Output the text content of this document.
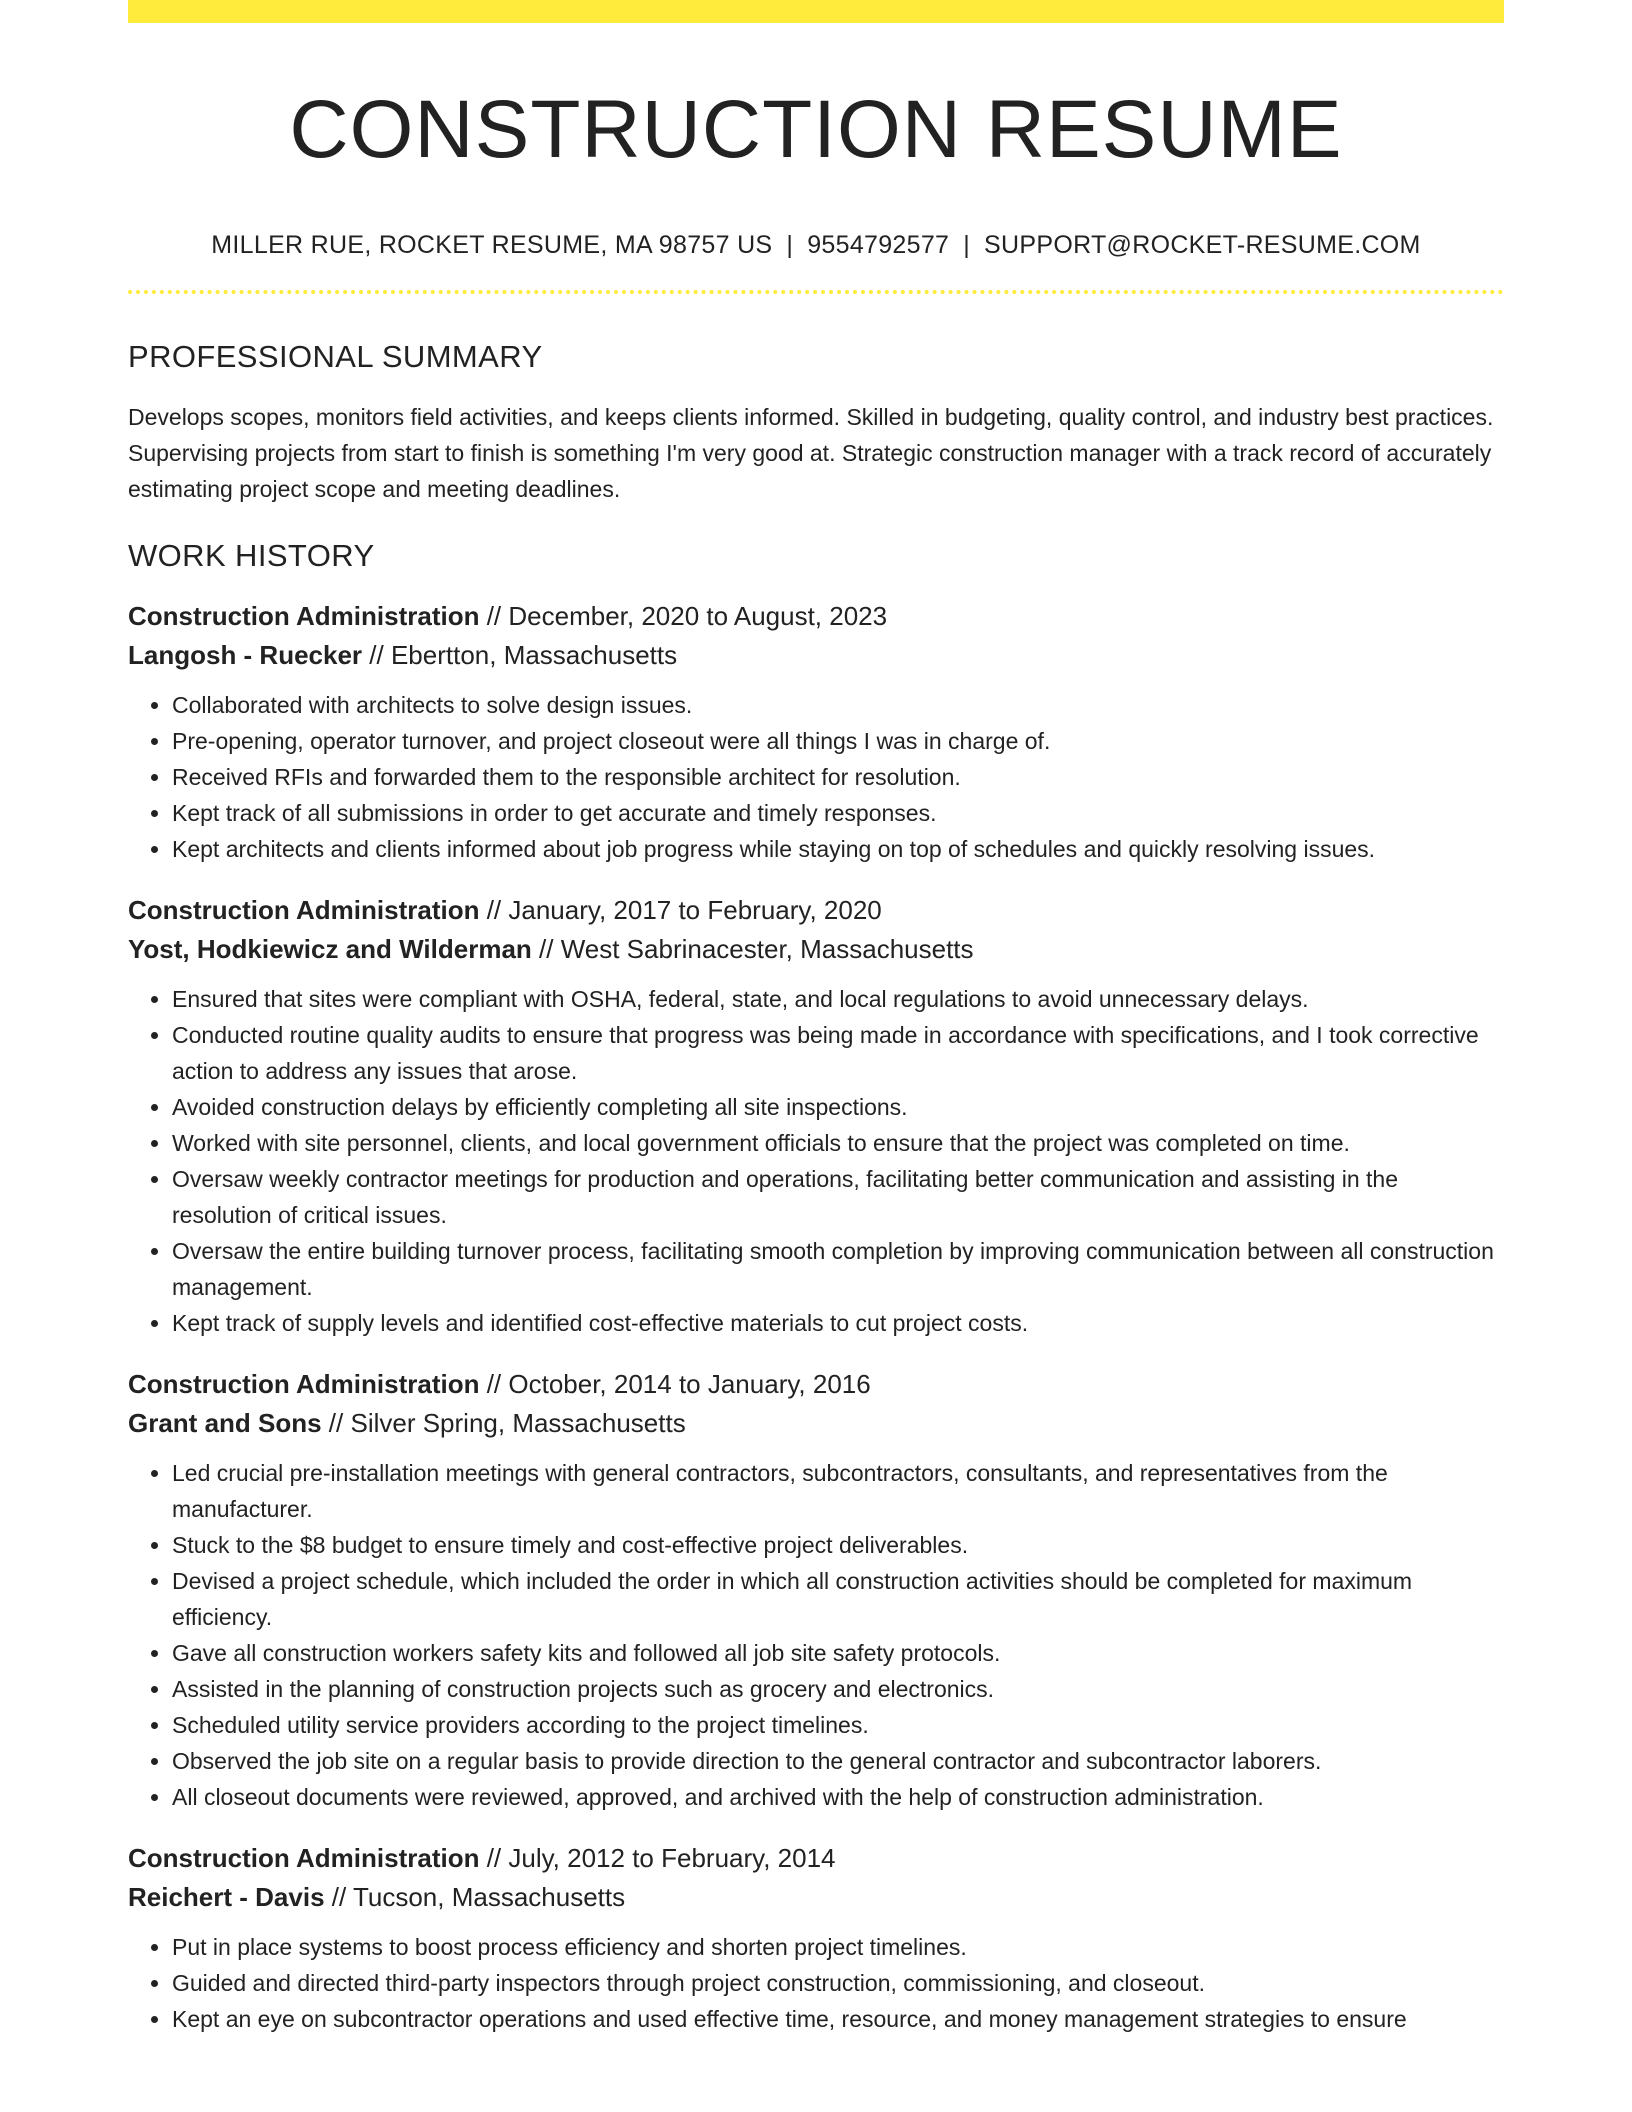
CONSTRUCTION RESUME
MILLER RUE, ROCKET RESUME, MA 98757 US | 9554792577 | SUPPORT@ROCKET-RESUME.COM
PROFESSIONAL SUMMARY

Develops scopes, monitors field activities, and keeps clients informed. Skilled in budgeting, quality control, and industry best practices. Supervising projects from start to finish is something I'm very good at. Strategic construction manager with a track record of accurately estimating project scope and meeting deadlines.

WORK HISTORY
Construction Administration // December, 2020 to August, 2023
Langosh - Ruecker // Ebertton, Massachusetts
• Collaborated with architects to solve design issues.
• Pre-opening, operator turnover, and project closeout were all things I was in charge of.
• Received RFIs and forwarded them to the responsible architect for resolution.
• Kept track of all submissions in order to get accurate and timely responses.
• Kept architects and clients informed about job progress while staying on top of schedules and quickly resolving issues.
Construction Administration // January, 2017 to February, 2020
Yost, Hodkiewicz and Wilderman // West Sabrinacester, Massachusetts
• Ensured that sites were compliant with OSHA, federal, state, and local regulations to avoid unnecessary delays.
• Conducted routine quality audits to ensure that progress was being made in accordance with specifications, and I took corrective action to address any issues that arose.
• Avoided construction delays by efficiently completing all site inspections.
• Worked with site personnel, clients, and local government officials to ensure that the project was completed on time.
• Oversaw weekly contractor meetings for production and operations, facilitating better communication and assisting in the resolution of critical issues.
• Oversaw the entire building turnover process, facilitating smooth completion by improving communication between all construction management.
• Kept track of supply levels and identified cost-effective materials to cut project costs.
Construction Administration // October, 2014 to January, 2016
Grant and Sons // Silver Spring, Massachusetts
• Led crucial pre-installation meetings with general contractors, subcontractors, consultants, and representatives from the manufacturer.
• Stuck to the $8 budget to ensure timely and cost-effective project deliverables.
• Devised a project schedule, which included the order in which all construction activities should be completed for maximum efficiency.
• Gave all construction workers safety kits and followed all job site safety protocols.
• Assisted in the planning of construction projects such as grocery and electronics.
• Scheduled utility service providers according to the project timelines.
• Observed the job site on a regular basis to provide direction to the general contractor and subcontractor laborers.
• All closeout documents were reviewed, approved, and archived with the help of construction administration.
Construction Administration // July, 2012 to February, 2014
Reichert - Davis // Tucson, Massachusetts
• Put in place systems to boost process efficiency and shorten project timelines.
• Guided and directed third-party inspectors through project construction, commissioning, and closeout.
• Kept an eye on subcontractor operations and used effective time, resource, and money management strategies to ensure
